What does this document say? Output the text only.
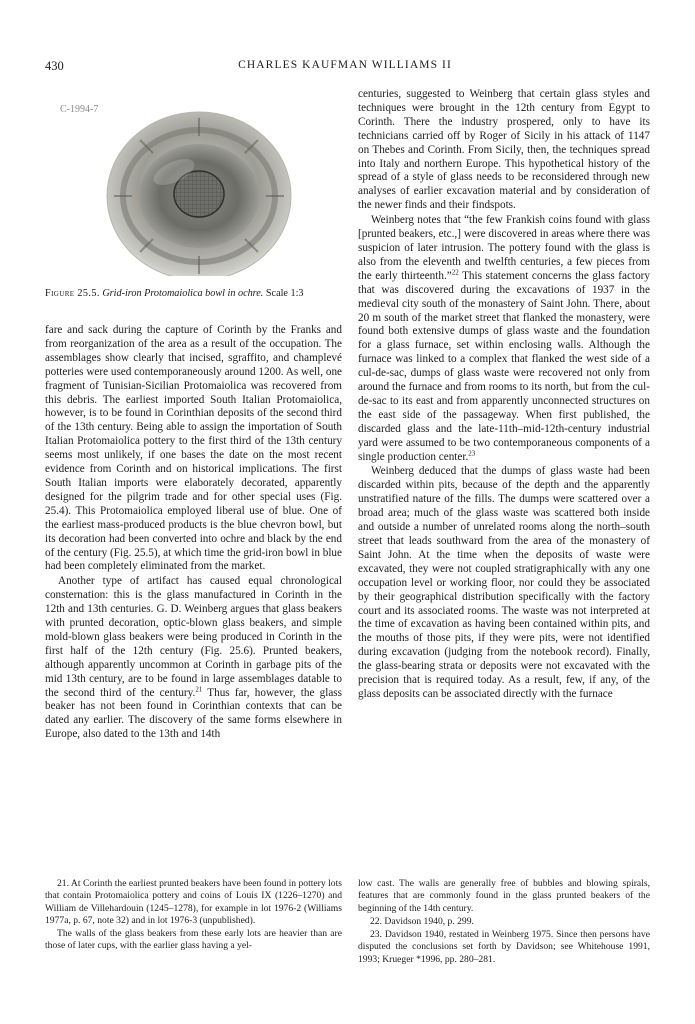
430	CHARLES KAUFMAN WILLIAMS II
C-1994-7
Figure 25.5. Grid-iron Protomaiolica bowl in ochre. Scale 1:3

fare and sack during the capture of Corinth by the Franks and from reorganization of the area as a result of the occupation. The assemblages show clearly that incised, sgraffito, and champlevé potteries were used contemporaneously around 1200. As well, one fragment of Tunisian-Sicilian Protomaiolica was recovered from this debris. The earliest imported South Italian Protomaiolica, however, is to be found in Corinthian deposits of the second third of the 13th century. Being able to assign the importation of South Italian Protomaiolica pottery to the first third of the 13th century seems most unlikely, if one bases the date on the most recent evidence from Corinth and on historical implications. The first South Italian imports were elaborately decorated, apparently designed for the pilgrim trade and for other special uses (Fig. 25.4). This Protomaiolica employed liberal use of blue. One of the earliest mass-produced products is the blue chevron bowl, but its decoration had been converted into ochre and black by the end of the century (Fig. 25.5), at which time the grid-iron bowl in blue had been completely eliminated from the market.

Another type of artifact has caused equal chronological consternation: this is the glass manufactured in Corinth in the 12th and 13th centuries. G. D. Weinberg argues that glass beakers with prunted decoration, optic-blown glass beakers, and simple mold-blown glass beakers were being produced in Corinth in the first half of the 12th century (Fig. 25.6). Prunted beakers, although apparently uncommon at Corinth in garbage pits of the mid 13th century, are to be found in large assemblages datable to the second third of the century.$^{21}$ Thus far, however, the glass beaker has not been found in Corinthian contexts that can be dated any earlier. The discovery of the same forms elsewhere in Europe, also dated to the 13th and 14th

centuries, suggested to Weinberg that certain glass styles and techniques were brought in the 12th century from Egypt to Corinth. There the industry prospered, only to have its technicians carried off by Roger of Sicily in his attack of 1147 on Thebes and Corinth. From Sicily, then, the techniques spread into Italy and northern Europe. This hypothetical history of the spread of a style of glass needs to be reconsidered through new analyses of earlier excavation material and by consideration of the newer finds and their findspots.

Weinberg notes that “the few Frankish coins found with glass [prunted beakers, etc.,] were discovered in areas where there was suspicion of later intrusion. The pottery found with the glass is also from the eleventh and twelfth centuries, a few pieces from the early thirteenth.”$^{22}$ This statement concerns the glass factory that was discovered during the excavations of 1937 in the medieval city south of the monastery of Saint John. There, about 20 m south of the market street that flanked the monastery, were found both extensive dumps of glass waste and the foundation for a glass furnace, set within enclosing walls. Although the furnace was linked to a complex that flanked the west side of a cul-de-sac, dumps of glass waste were recovered not only from around the furnace and from rooms to its north, but from the cul-de-sac to its east and from apparently unconnected structures on the east side of the passageway. When first published, the discarded glass and the late-11th–mid-12th-century industrial yard were assumed to be two contemporaneous components of a single production center.$^{23}$

Weinberg deduced that the dumps of glass waste had been discarded within pits, because of the depth and the apparently unstratified nature of the fills. The dumps were scattered over a broad area; much of the glass waste was scattered both inside and outside a number of unrelated rooms along the north–south street that leads southward from the area of the monastery of Saint John. At the time when the deposits of waste were excavated, they were not coupled stratigraphically with any one occupation level or working floor, nor could they be associated by their geographical distribution specifically with the factory court and its associated rooms. The waste was not interpreted at the time of excavation as having been contained within pits, and the mouths of those pits, if they were pits, were not identified during excavation (judging from the notebook record). Finally, the glass-bearing strata or deposits were not excavated with the precision that is required today. As a result, few, if any, of the glass deposits can be associated directly with the furnace

21. At Corinth the earliest prunted beakers have been found in pottery lots that contain Protomaiolica pottery and coins of Louis IX (1226–1270) and William de Villehardouin (1245–1278), for example in lot 1976-2 (Williams 1977a, p. 67, note 32) and in lot 1976-3 (unpublished).

The walls of the glass beakers from these early lots are heavier than are those of later cups, with the earlier glass having a yel-

low cast. The walls are generally free of bubbles and blowing spirals, features that are commonly found in the glass prunted beakers of the beginning of the 14th century.

22. Davidson 1940, p. 299.

23. Davidson 1940, restated in Weinberg 1975. Since then persons have disputed the conclusions set forth by Davidson; see Whitehouse 1991, 1993; Krueger *1996, pp. 280–281.
